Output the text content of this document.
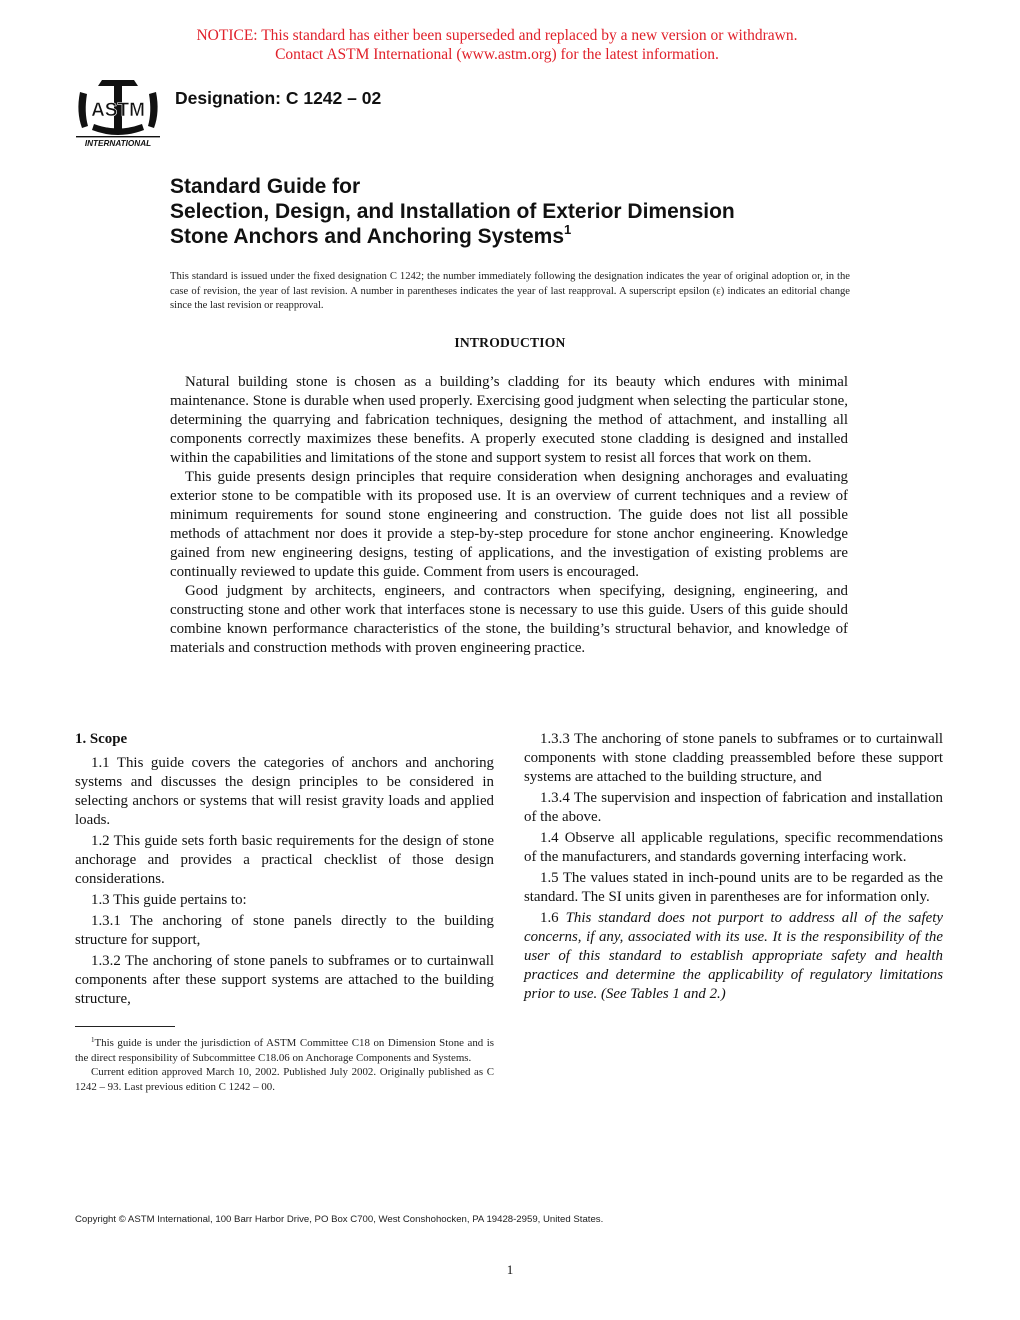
NOTICE: This standard has either been superseded and replaced by a new version or withdrawn.
Contact ASTM International (www.astm.org) for the latest information.
ASTM
INTERNATIONAL
Designation: C 1242 – 02
Standard Guide for
Selection, Design, and Installation of Exterior Dimension
Stone Anchors and Anchoring Systems$^1$
This standard is issued under the fixed designation C 1242; the number immediately following the designation indicates the year of original adoption or, in the case of revision, the year of last revision. A number in parentheses indicates the year of last reapproval. A superscript epsilon (ε) indicates an editorial change since the last revision or reapproval.
INTRODUCTION

Natural building stone is chosen as a building’s cladding for its beauty which endures with minimal maintenance. Stone is durable when used properly. Exercising good judgment when selecting the particular stone, determining the quarrying and fabrication techniques, designing the method of attachment, and installing all components correctly maximizes these benefits. A properly executed stone cladding is designed and installed within the capabilities and limitations of the stone and support system to resist all forces that work on them.

This guide presents design principles that require consideration when designing anchorages and evaluating exterior stone to be compatible with its proposed use. It is an overview of current techniques and a review of minimum requirements for sound stone engineering and construction. The guide does not list all possible methods of attachment nor does it provide a step-by-step procedure for stone anchor engineering. Knowledge gained from new engineering designs, testing of applications, and the investigation of existing problems are continually reviewed to update this guide. Comment from users is encouraged.

Good judgment by architects, engineers, and contractors when specifying, designing, engineering, and constructing stone and other work that interfaces stone is necessary to use this guide. Users of this guide should combine known performance characteristics of the stone, the building’s structural behavior, and knowledge of materials and construction methods with proven engineering practice.

1. Scope

1.1 This guide covers the categories of anchors and anchoring systems and discusses the design principles to be considered in selecting anchors or systems that will resist gravity loads and applied loads.

1.2 This guide sets forth basic requirements for the design of stone anchorage and provides a practical checklist of those design considerations.

1.3 This guide pertains to:

1.3.1 The anchoring of stone panels directly to the building structure for support,

1.3.2 The anchoring of stone panels to subframes or to curtainwall components after these support systems are attached to the building structure,

1.3.3 The anchoring of stone panels to subframes or to curtainwall components with stone cladding preassembled before these support systems are attached to the building structure, and

1.3.4 The supervision and inspection of fabrication and installation of the above.

1.4 Observe all applicable regulations, specific recommendations of the manufacturers, and standards governing interfacing work.

1.5 The values stated in inch-pound units are to be regarded as the standard. The SI units given in parentheses are for information only.

1.6 This standard does not purport to address all of the safety concerns, if any, associated with its use. It is the responsibility of the user of this standard to establish appropriate safety and health practices and determine the applicability of regulatory limitations prior to use. (See Tables 1 and 2.)

$^1$This guide is under the jurisdiction of ASTM Committee C18 on Dimension Stone and is the direct responsibility of Subcommittee C18.06 on Anchorage Components and Systems.

Current edition approved March 10, 2002. Published July 2002. Originally published as C 1242 – 93. Last previous edition C 1242 – 00.

Copyright © ASTM International, 100 Barr Harbor Drive, PO Box C700, West Conshohocken, PA 19428-2959, United States.
1
